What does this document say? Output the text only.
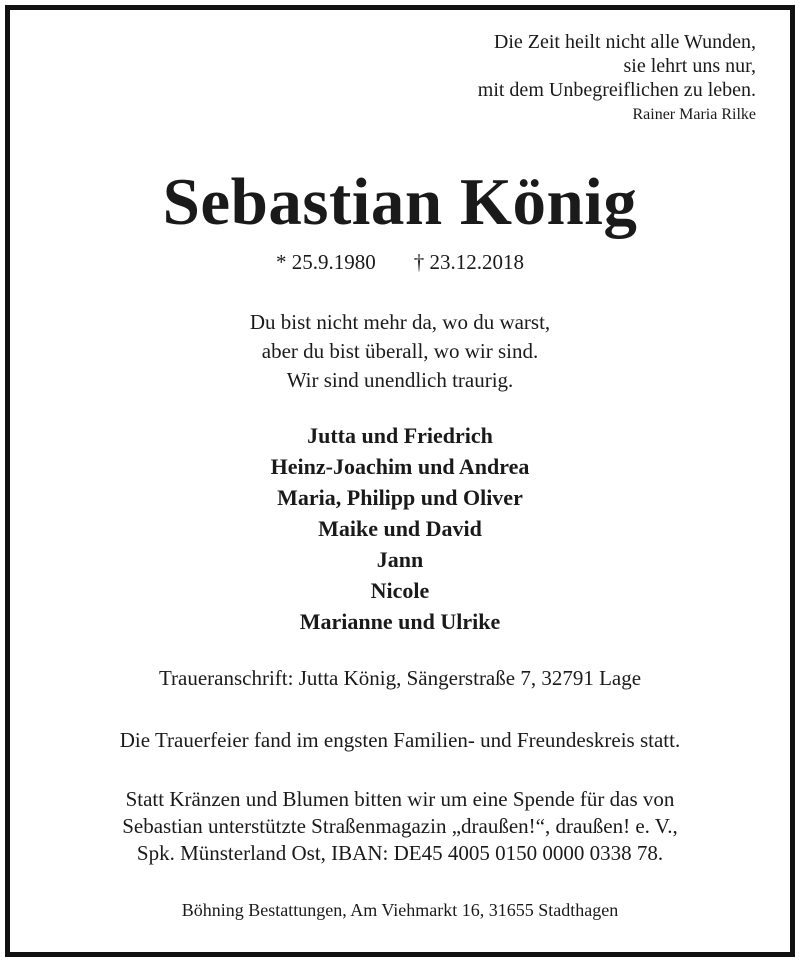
Die Zeit heilt nicht alle Wunden,
sie lehrt uns nur,
mit dem Unbegreiflichen zu leben.
Rainer Maria Rilke
Sebastian König
* 25.9.1980 † 23.12.2018
Du bist nicht mehr da, wo du warst,
aber du bist überall, wo wir sind.
Wir sind unendlich traurig.
Jutta und Friedrich
Heinz-Joachim und Andrea
Maria, Philipp und Oliver
Maike und David
Jann
Nicole
Marianne und Ulrike
Traueranschrift: Jutta König, Sängerstraße 7, 32791 Lage
Die Trauerfeier fand im engsten Familien- und Freundeskreis statt.
Statt Kränzen und Blumen bitten wir um eine Spende für das von
Sebastian unterstützte Straßenmagazin „draußen!“, draußen! e. V.,
Spk. Münsterland Ost, IBAN: DE45 4005 0150 0000 0338 78.
Böhning Bestattungen, Am Viehmarkt 16, 31655 Stadthagen
